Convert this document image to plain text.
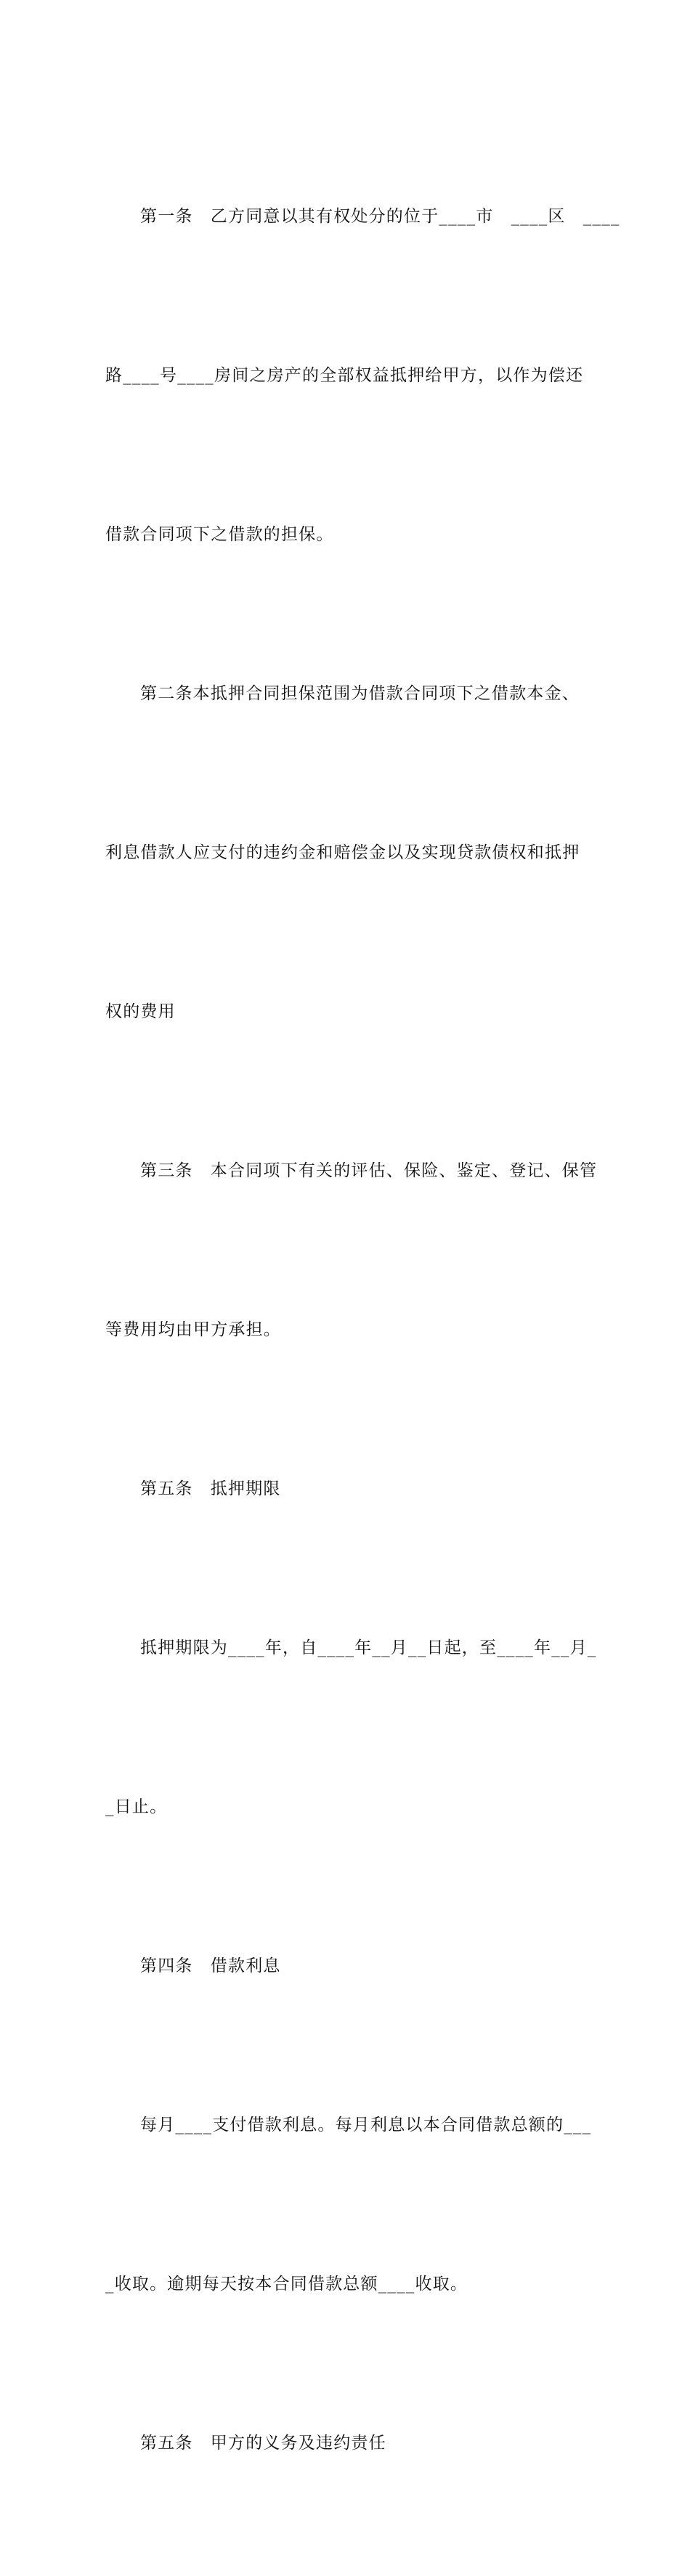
第一条　乙方同意以其有权处分的位于____市　____区　____

路____号____房间之房产的全部权益抵押给甲方，以作为偿还

借款合同项下之借款的担保。

第二条本抵押合同担保范围为借款合同项下之借款本金、

利息借款人应支付的违约金和赔偿金以及实现贷款债权和抵押

权的费用

第三条　本合同项下有关的评估、保险、鉴定、登记、保管

等费用均由甲方承担。

第五条　抵押期限

抵押期限为____年，自____年__月__日起，至____年__月_

_日止。

第四条　借款利息

每月____支付借款利息。每月利息以本合同借款总额的___

_收取。逾期每天按本合同借款总额____收取。

第五条　甲方的义务及违约责任
